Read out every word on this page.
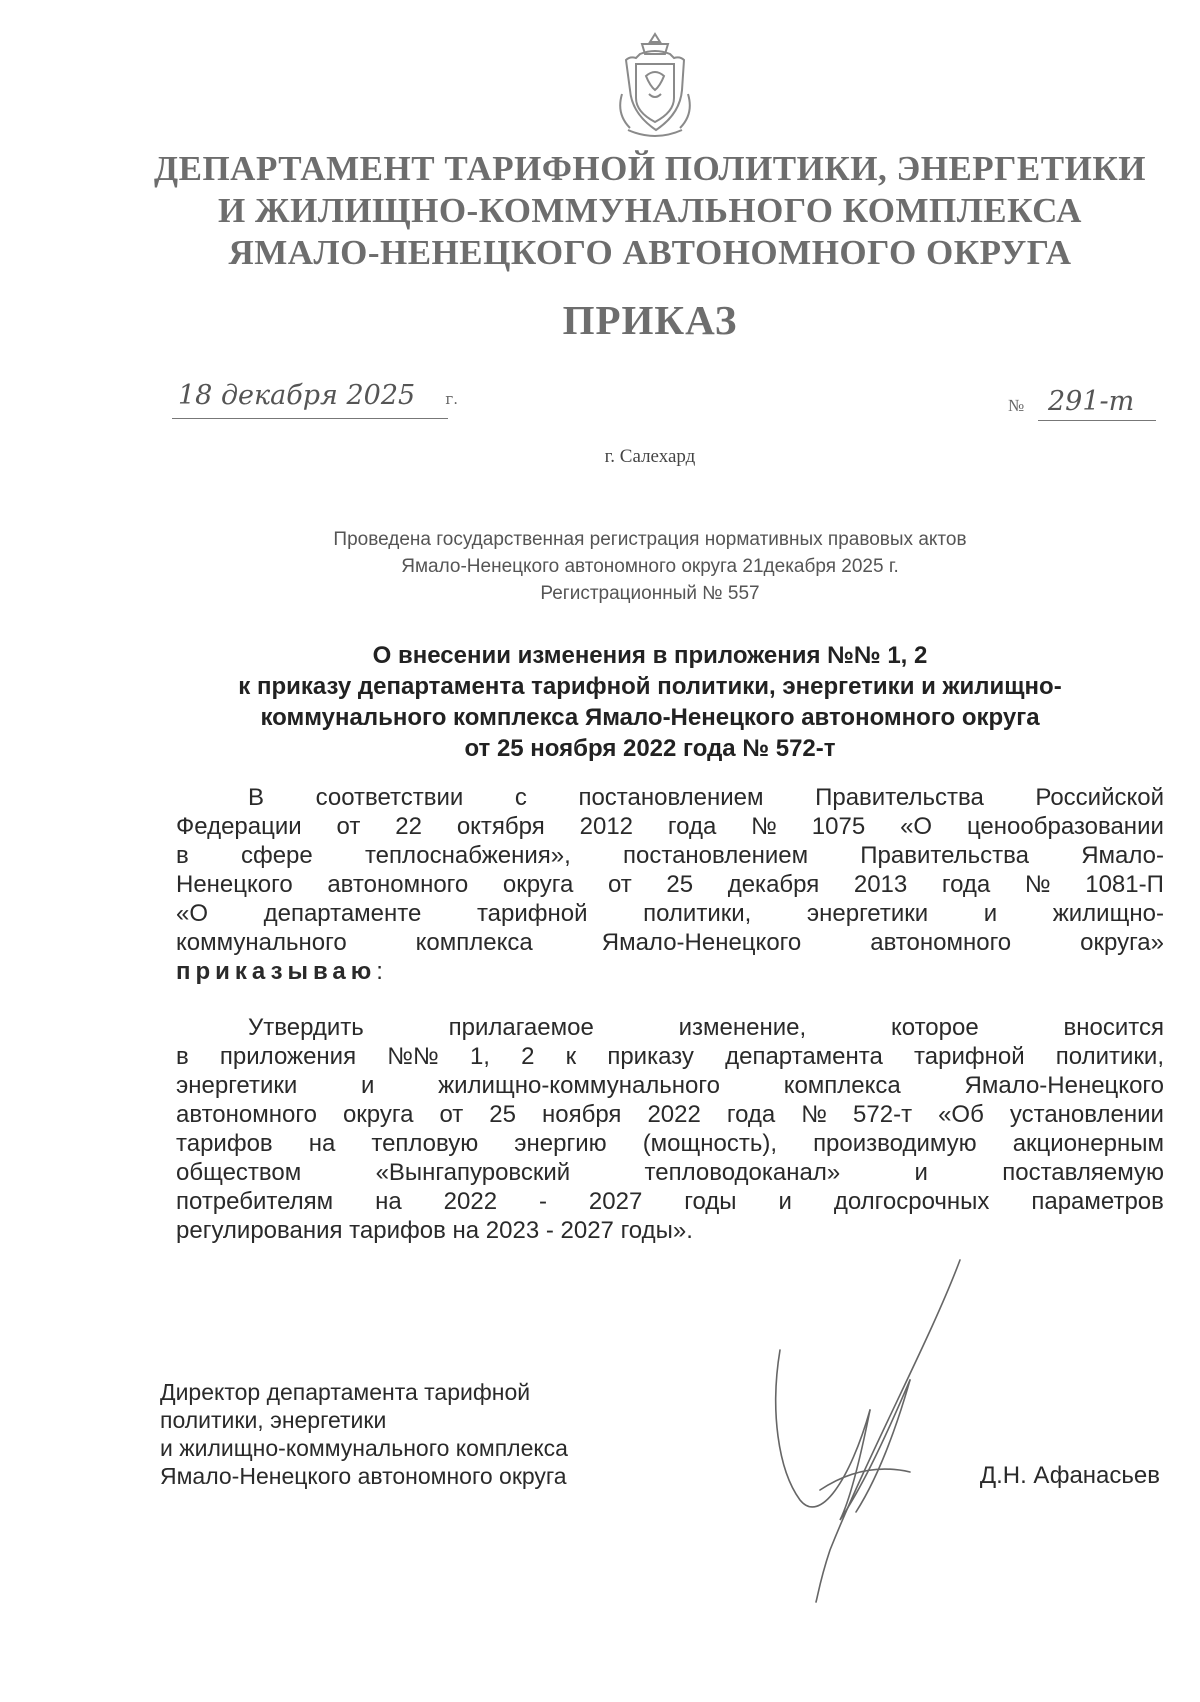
ДЕПАРТАМЕНТ ТАРИФНОЙ ПОЛИТИКИ, ЭНЕРГЕТИКИ
И ЖИЛИЩНО-КОММУНАЛЬНОГО КОМПЛЕКСА
ЯМАЛО-НЕНЕЦКОГО АВТОНОМНОГО ОКРУГА
ПРИКАЗ
18 декабря 2025 г.	№ 291-т
г. Салехард
Проведена государственная регистрация нормативных правовых актов
Ямало-Ненецкого автономного округа 21декабря 2025 г.
Регистрационный № 557
О внесении изменения в приложения №№ 1, 2
к приказу департамента тарифной политики, энергетики и жилищно-
коммунального комплекса Ямало-Ненецкого автономного округа
от 25 ноября 2022 года № 572-т
В соответствии с постановлением Правительства Российской
Федерации от 22 октября 2012 года № 1075 «О ценообразовании
в сфере теплоснабжения», постановлением Правительства Ямало-
Ненецкого автономного округа от 25 декабря 2013 года № 1081-П
«О департаменте тарифной политики, энергетики и жилищно-
коммунального	комплекса	Ямало-Ненецкого	автономного	округа»
приказываю:
Утвердить	прилагаемое	изменение,	которое	вносится
в приложения №№ 1, 2 к приказу департамента тарифной политики,
энергетики	и	жилищно-коммунального	комплекса	Ямало-Ненецкого
автономного округа от 25 ноября 2022 года № 572-т «Об установлении
тарифов на тепловую энергию (мощность), производимую акционерным
обществом	«Вынгапуровский	тепловодоканал»	и	поставляемую
потребителям на 2022 - 2027 годы и долгосрочных параметров
регулирования тарифов на 2023 - 2027 годы».
Директор департамента тарифной
политики, энергетики
и жилищно-коммунального комплекса
Ямало-Ненецкого автономного округа	Д.Н. Афанасьев
